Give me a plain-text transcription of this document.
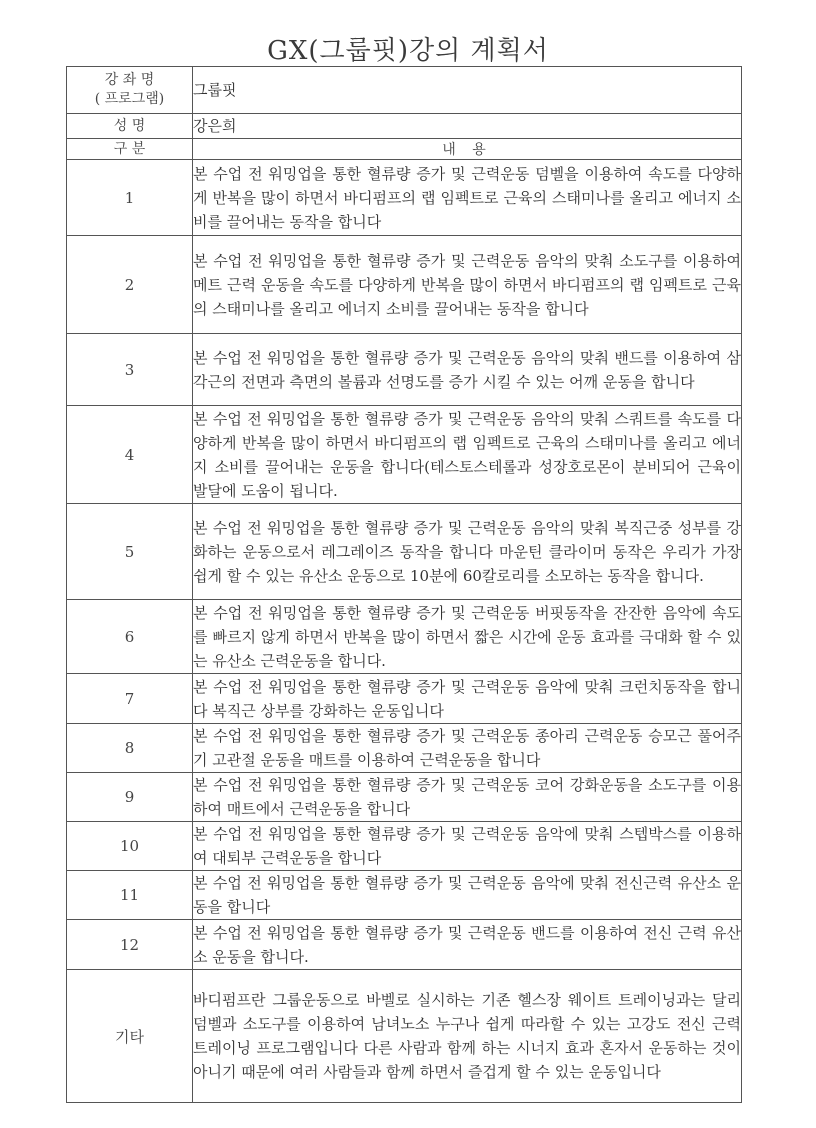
GX(그룹핏)강의 계획서
강 좌 명
( 프로그램)	그룹핏
성 명	강은희
구 분	내 용
1	본 수업 전 워밍업을 통한 혈류량 증가 및 근력운동 덤벨을 이용하여 속도를 다양하게 반복을 많이 하면서 바디펌프의 랩 임펙트로 근육의 스태미나를 올리고 에너지 소비를 끌어내는 동작을 합니다
2	본 수업 전 워밍업을 통한 혈류량 증가 및 근력운동 음악의 맞춰 소도구를 이용하여 메트 근력 운동을 속도를 다양하게 반복을 많이 하면서 바디펌프의 랩 임펙트로 근육의 스태미나를 올리고 에너지 소비를 끌어내는 동작을 합니다
3	본 수업 전 워밍업을 통한 혈류량 증가 및 근력운동 음악의 맞춰 밴드를 이용하여 삼각근의 전면과 측면의 볼륨과 선명도를 증가 시킬 수 있는 어깨 운동을 합니다
4	본 수업 전 워밍업을 통한 혈류량 증가 및 근력운동 음악의 맞춰 스쿼트를 속도를 다양하게 반복을 많이 하면서 바디펌프의 랩 임펙트로 근육의 스태미나를 올리고 에너지 소비를 끌어내는 운동을 합니다(테스토스테롤과 성장호로몬이 분비되어 근육이 발달에 도움이 됩니다.
5	본 수업 전 워밍업을 통한 혈류량 증가 및 근력운동 음악의 맞춰 복직근중 성부를 강화하는 운동으로서 레그레이즈 동작을 합니다 마운틴 클라이머 동작은 우리가 가장 쉽게 할 수 있는 유산소 운동으로 10분에 60칼로리를 소모하는 동작을 합니다.
6	본 수업 전 워밍업을 통한 혈류량 증가 및 근력운동 버핏동작을 잔잔한 음악에 속도를 빠르지 않게 하면서 반복을 많이 하면서 짧은 시간에 운동 효과를 극대화 할 수 있는 유산소 근력운동을 합니다.
7	본 수업 전 워밍업을 통한 혈류량 증가 및 근력운동 음악에 맞춰 크런치동작을 합니다 복직근 상부를 강화하는 운동입니다
8	본 수업 전 워밍업을 통한 혈류량 증가 및 근력운동 종아리 근력운동 승모근 풀어주기 고관절 운동을 매트를 이용하여 근력운동을 합니다
9	본 수업 전 워밍업을 통한 혈류량 증가 및 근력운동 코어 강화운동을 소도구를 이용하여 매트에서 근력운동을 합니다
10	본 수업 전 워밍업을 통한 혈류량 증가 및 근력운동 음악에 맞춰 스텝박스를 이용하여 대퇴부 근력운동을 합니다
11	본 수업 전 워밍업을 통한 혈류량 증가 및 근력운동 음악에 맞춰 전신근력 유산소 운동을 합니다
12	본 수업 전 워밍업을 통한 혈류량 증가 및 근력운동 밴드를 이용하여 전신 근력 유산소 운동을 합니다.
기타	바디펌프란 그룹운동으로 바벨로 실시하는 기존 헬스장 웨이트 트레이닝과는 달리 덤벨과 소도구를 이용하여 남녀노소 누구나 쉽게 따라할 수 있는 고강도 전신 근력 트레이닝 프로그램입니다 다른 사람과 함께 하는 시너지 효과 혼자서 운동하는 것이 아니기 때문에 여러 사람들과 함께 하면서 즐겁게 할 수 있는 운동입니다
